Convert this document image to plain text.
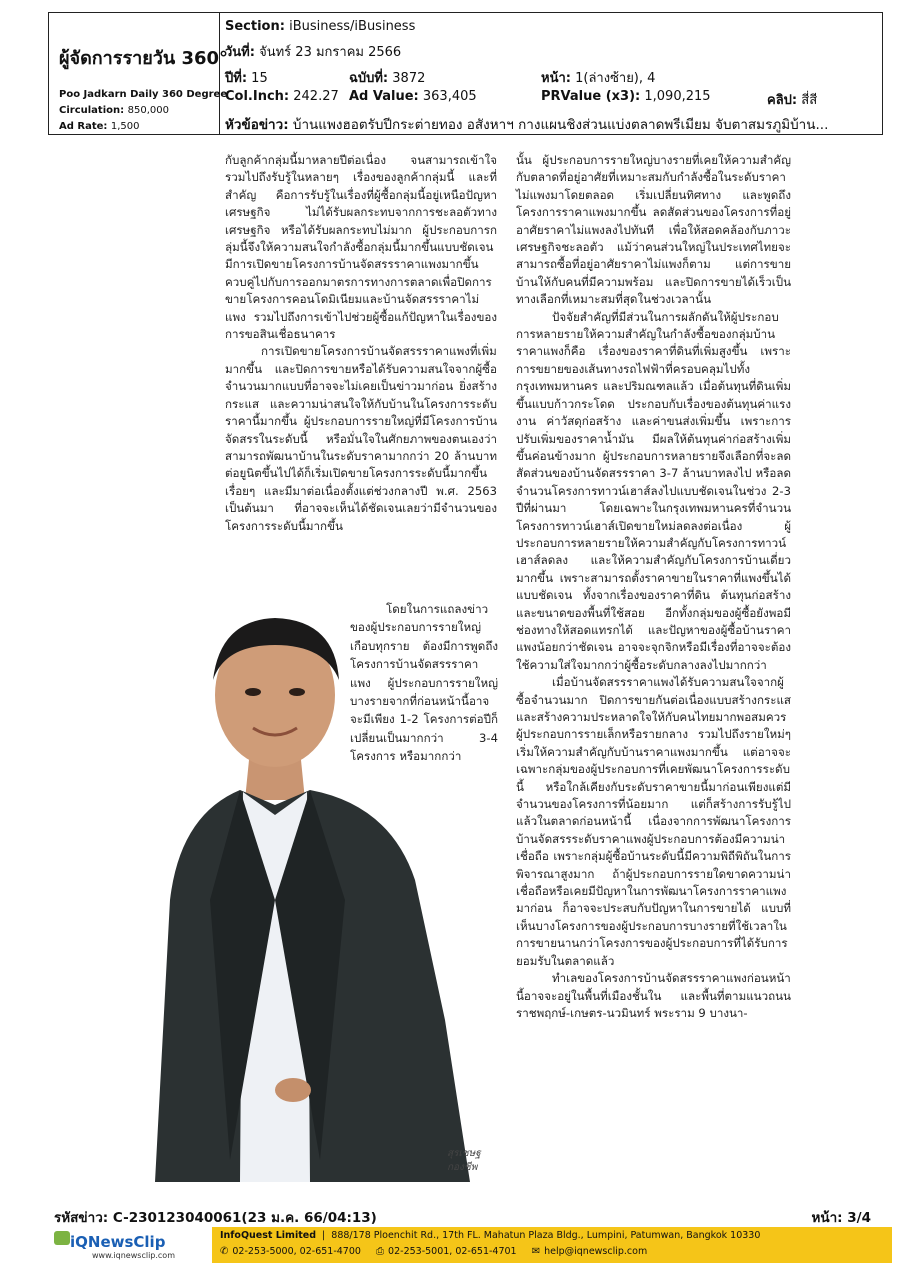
ผู้จัดการรายวัน 360°
Poo Jadkarn Daily 360 Degree
Circulation: 850,000
Ad Rate: 1,500
Section: iBusiness/iBusiness
วันที่: จันทร์ 23 มกราคม 2566
ปีที่: 15	ฉบับที่: 3872	หน้า: 1(ล่างซ้าย), 4
Col.Inch: 242.27 Ad Value: 363,405	PRValue (x3): 1,090,215	คลิป: สี่สี
หัวข้อข่าว: บ้านแพงฮอตรับปีกระต่ายทอง อสังหาฯ กางแผนชิงส่วนแบ่งตลาดพรีเมียม จับตาสมรภูมิบ้าน...

กับลูกค้ากลุ่มนี้มาหลายปีต่อเนื่อง จนสามารถเข้าใจ รวมไปถึงรับรู้ในหลายๆ เรื่องของลูกค้ากลุ่มนี้ และที่สำคัญ คือการรับรู้ในเรื่องที่ผู้ซื้อกลุ่มนี้อยู่เหนือปัญหาเศรษฐกิจ ไม่ได้รับผลกระทบจากการชะลอตัวทางเศรษฐกิจ หรือได้รับผลกระทบไม่มาก ผู้ประกอบการกลุ่มนี้จึงให้ความสนใจกำลังซื้อกลุ่มนี้มากขึ้นแบบชัดเจน มีการเปิดขายโครงการบ้านจัดสรรราคาแพงมากขึ้นควบคู่ไปกับการออกมาตรการทางการตลาดเพื่อปิดการขายโครงการคอนโดมิเนียมและบ้านจัดสรรราคาไม่แพง รวมไปถึงการเข้าไปช่วยผู้ซื้อแก้ปัญหาในเรื่องของการขอสินเชื่อธนาคาร

การเปิดขายโครงการบ้านจัดสรรราคาแพงที่เพิ่มมากขึ้น และปิดการขายหรือได้รับความสนใจจากผู้ซื้อจำนวนมากแบบที่อาจจะไม่เคยเป็นข่าวมาก่อน ยิ่งสร้างกระแส และความน่าสนใจให้กับบ้านในโครงการระดับราคานี้มากขึ้น ผู้ประกอบการรายใหญ่ที่มีโครงการบ้านจัดสรรในระดับนี้ หรือมั่นใจในศักยภาพของตนเองว่าสามารถพัฒนาบ้านในระดับราคามากกว่า 20 ล้านบาทต่อยูนิตขึ้นไปได้ก็เริ่มเปิดขายโครงการระดับนี้มากขึ้นเรื่อยๆ และมีมาต่อเนื่องตั้งแต่ช่วงกลางปี พ.ศ. 2563 เป็นต้นมา ที่อาจจะเห็นได้ชัดเจนเลยว่ามีจำนวนของโครงการระดับนี้มากขึ้น

โดยในการแถลงข่าวของผู้ประกอบการรายใหญ่เกือบทุกราย ต้องมีการพูดถึงโครงการบ้านจัดสรรราคาแพง ผู้ประกอบการรายใหญ่บางรายจากที่ก่อนหน้านี้อาจจะมีเพียง 1-2 โครงการต่อปีก็เปลี่ยนเป็นมากกว่า 3-4 โครงการ หรือมากกว่า

สุรเชษฐ
กองชีพ

นั้น ผู้ประกอบการรายใหญ่บางรายที่เคยให้ความสำคัญกับตลาดที่อยู่อาศัยที่เหมาะสมกับกำลังซื้อในระดับราคาไม่แพงมาโดยตลอด เริ่มเปลี่ยนทิศทาง และพูดถึงโครงการราคาแพงมากขึ้น ลดสัดส่วนของโครงการที่อยู่อาศัยราคาไม่แพงลงไปทันที เพื่อให้สอดคล้องกับภาวะเศรษฐกิจชะลอตัว แม้ว่าคนส่วนใหญ่ในประเทศไทยจะสามารถซื้อที่อยู่อาศัยราคาไม่แพงก็ตาม แต่การขายบ้านให้กับคนที่มีความพร้อม และปิดการขายได้เร็วเป็นทางเลือกที่เหมาะสมที่สุดในช่วงเวลานั้น

ปัจจัยสำคัญที่มีส่วนในการผลักดันให้ผู้ประกอบการหลายรายให้ความสำคัญในกำลังซื้อของกลุ่มบ้านราคาแพงก็คือ เรื่องของราคาที่ดินที่เพิ่มสูงขึ้น เพราะการขยายของเส้นทางรถไฟฟ้าที่ครอบคลุมไปทั้งกรุงเทพมหานคร และปริมณฑลแล้ว เมื่อต้นทุนที่ดินเพิ่มขึ้นแบบก้าวกระโดด ประกอบกับเรื่องของต้นทุนค่าแรงงาน ค่าวัสดุก่อสร้าง และค่าขนส่งเพิ่มขึ้น เพราะการปรับเพิ่มของราคาน้ำมัน มีผลให้ต้นทุนค่าก่อสร้างเพิ่มขึ้นค่อนข้างมาก ผู้ประกอบการหลายรายจึงเลือกที่จะลดสัดส่วนของบ้านจัดสรรราคา 3-7 ล้านบาทลงไป หรือลดจำนวนโครงการทาวน์เฮาส์ลงไปแบบชัดเจนในช่วง 2-3 ปีที่ผ่านมา โดยเฉพาะในกรุงเทพมหานครที่จำนวนโครงการทาวน์เฮาส์เปิดขายใหม่ลดลงต่อเนื่อง ผู้ประกอบการหลายรายให้ความสำคัญกับโครงการทาวน์เฮาส์ลดลง และให้ความสำคัญกับโครงการบ้านเดี่ยวมากขึ้น เพราะสามารถตั้งราคาขายในราคาที่แพงขึ้นได้แบบชัดเจน ทั้งจากเรื่องของราคาที่ดิน ต้นทุนก่อสร้าง และขนาดของพื้นที่ใช้สอย อีกทั้งกลุ่มของผู้ซื้อยังพอมีช่องทางให้สอดแทรกได้ และปัญหาของผู้ซื้อบ้านราคาแพงน้อยกว่าชัดเจน อาจจะจุกจิกหรือมีเรื่องที่อาจจะต้องใช้ความใส่ใจมากกว่าผู้ซื้อระดับกลางลงไปมากกว่า

เมื่อบ้านจัดสรรราคาแพงได้รับความสนใจจากผู้ซื้อจำนวนมาก ปิดการขายกันต่อเนื่องแบบสร้างกระแส และสร้างความประหลาดใจให้กับคนไทยมากพอสมควร ผู้ประกอบการรายเล็กหรือรายกลาง รวมไปถึงรายใหม่ๆ เริ่มให้ความสำคัญกับบ้านราคาแพงมากขึ้น แต่อาจจะเฉพาะกลุ่มของผู้ประกอบการที่เคยพัฒนาโครงการระดับนี้ หรือใกล้เคียงกับระดับราคาขายนี้มาก่อนเพียงแต่มีจำนวนของโครงการที่น้อยมาก แต่ก็สร้างการรับรู้ไปแล้วในตลาดก่อนหน้านี้ เนื่องจากการพัฒนาโครงการบ้านจัดสรรระดับราคาแพงผู้ประกอบการต้องมีความน่าเชื่อถือ เพราะกลุ่มผู้ซื้อบ้านระดับนี้มีความพิถีพิถันในการพิจารณาสูงมาก ถ้าผู้ประกอบการรายใดขาดความน่าเชื่อถือหรือเคยมีปัญหาในการพัฒนาโครงการราคาแพงมาก่อน ก็อาจจะประสบกับปัญหาในการขายได้ แบบที่เห็นบางโครงการของผู้ประกอบการบางรายที่ใช้เวลาในการขายนานกว่าโครงการของผู้ประกอบการที่ได้รับการยอมรับในตลาดแล้ว

ทำเลของโครงการบ้านจัดสรรราคาแพงก่อนหน้านี้อาจจะอยู่ในพื้นที่เมืองชั้นใน และพื้นที่ตามแนวถนนราชพฤกษ์-เกษตร-นวมินทร์ พระราม 9 บางนา-

รหัสข่าว: C-230123040061(23 ม.ค. 66/04:13)	หน้า: 3/4
iQNewsClip
www.iqnewsclip.com
InfoQuest Limited  |  888/178 Ploenchit Rd., 17th FL. Mahatun Plaza Bldg., Lumpini, Patumwan, Bangkok 10330
✆ 02-253-5000, 02-651-4700 ⎙ 02-253-5001, 02-651-4701 ✉ help@iqnewsclip.com
